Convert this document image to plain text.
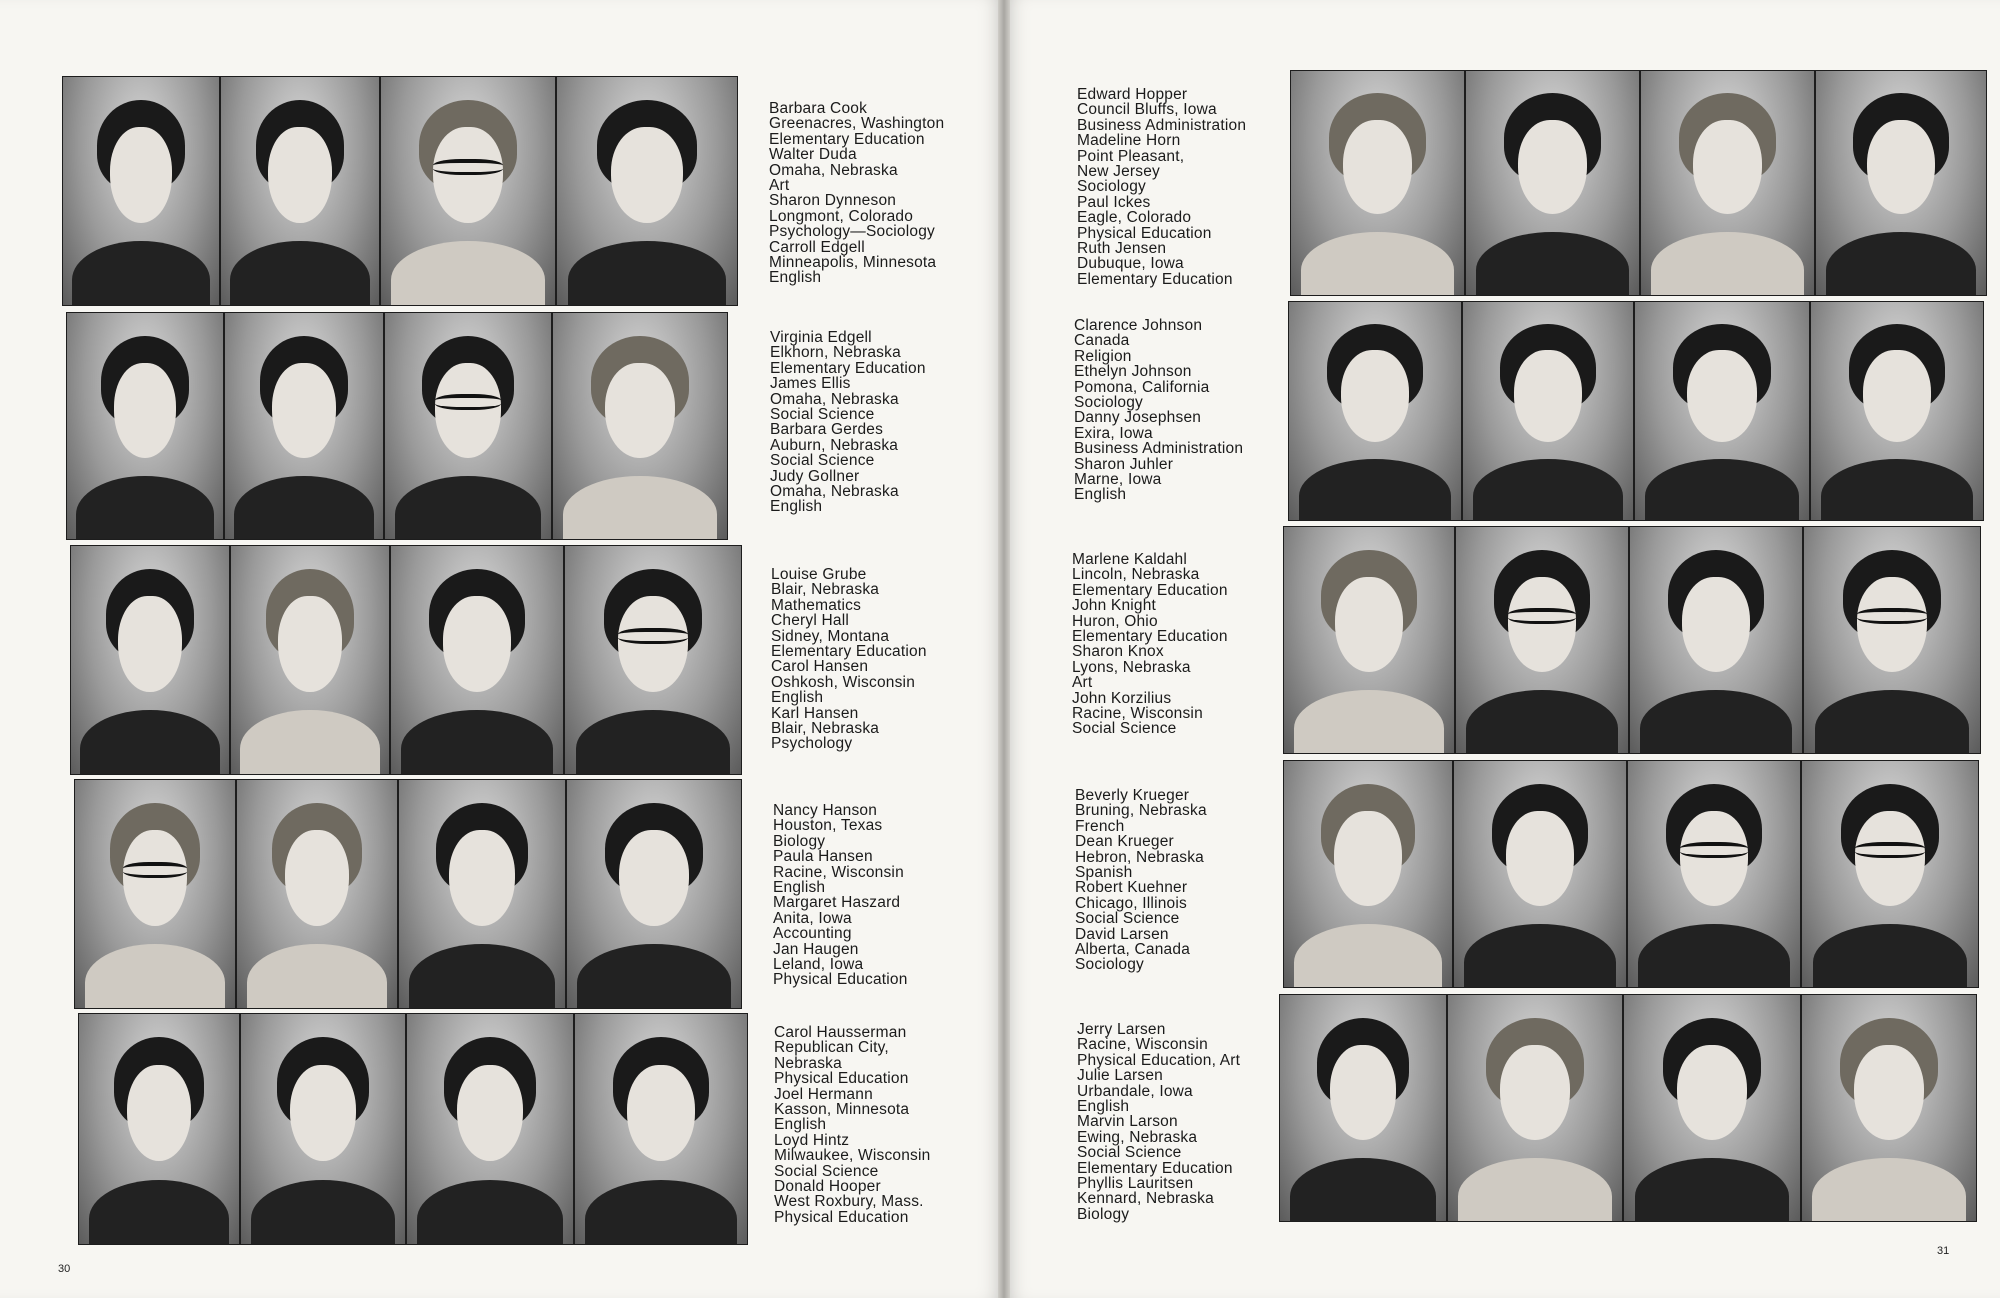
Barbara Cook
Greenacres, Washington
Elementary Education
Walter Duda
Omaha, Nebraska
Art
Sharon Dynneson
Longmont, Colorado
Psychology—Sociology
Carroll Edgell
Minneapolis, Minnesota
English
Virginia Edgell
Elkhorn, Nebraska
Elementary Education
James Ellis
Omaha, Nebraska
Social Science
Barbara Gerdes
Auburn, Nebraska
Social Science
Judy Gollner
Omaha, Nebraska
English
Louise Grube
Blair, Nebraska
Mathematics
Cheryl Hall
Sidney, Montana
Elementary Education
Carol Hansen
Oshkosh, Wisconsin
English
Karl Hansen
Blair, Nebraska
Psychology
Nancy Hanson
Houston, Texas
Biology
Paula Hansen
Racine, Wisconsin
English
Margaret Haszard
Anita, Iowa
Accounting
Jan Haugen
Leland, Iowa
Physical Education
Carol Hausserman
Republican City,
Nebraska
Physical Education
Joel Hermann
Kasson, Minnesota
English
Loyd Hintz
Milwaukee, Wisconsin
Social Science
Donald Hooper
West Roxbury, Mass.
Physical Education
30
Edward Hopper
Council Bluffs, Iowa
Business Administration
Madeline Horn
Point Pleasant,
New Jersey
Sociology
Paul Ickes
Eagle, Colorado
Physical Education
Ruth Jensen
Dubuque, Iowa
Elementary Education
Clarence Johnson
Canada
Religion
Ethelyn Johnson
Pomona, California
Sociology
Danny Josephsen
Exira, Iowa
Business Administration
Sharon Juhler
Marne, Iowa
English
Marlene Kaldahl
Lincoln, Nebraska
Elementary Education
John Knight
Huron, Ohio
Elementary Education
Sharon Knox
Lyons, Nebraska
Art
John Korzilius
Racine, Wisconsin
Social Science
Beverly Krueger
Bruning, Nebraska
French
Dean Krueger
Hebron, Nebraska
Spanish
Robert Kuehner
Chicago, Illinois
Social Science
David Larsen
Alberta, Canada
Sociology
Jerry Larsen
Racine, Wisconsin
Physical Education, Art
Julie Larsen
Urbandale, Iowa
English
Marvin Larson
Ewing, Nebraska
Social Science
Elementary Education
Phyllis Lauritsen
Kennard, Nebraska
Biology
31
